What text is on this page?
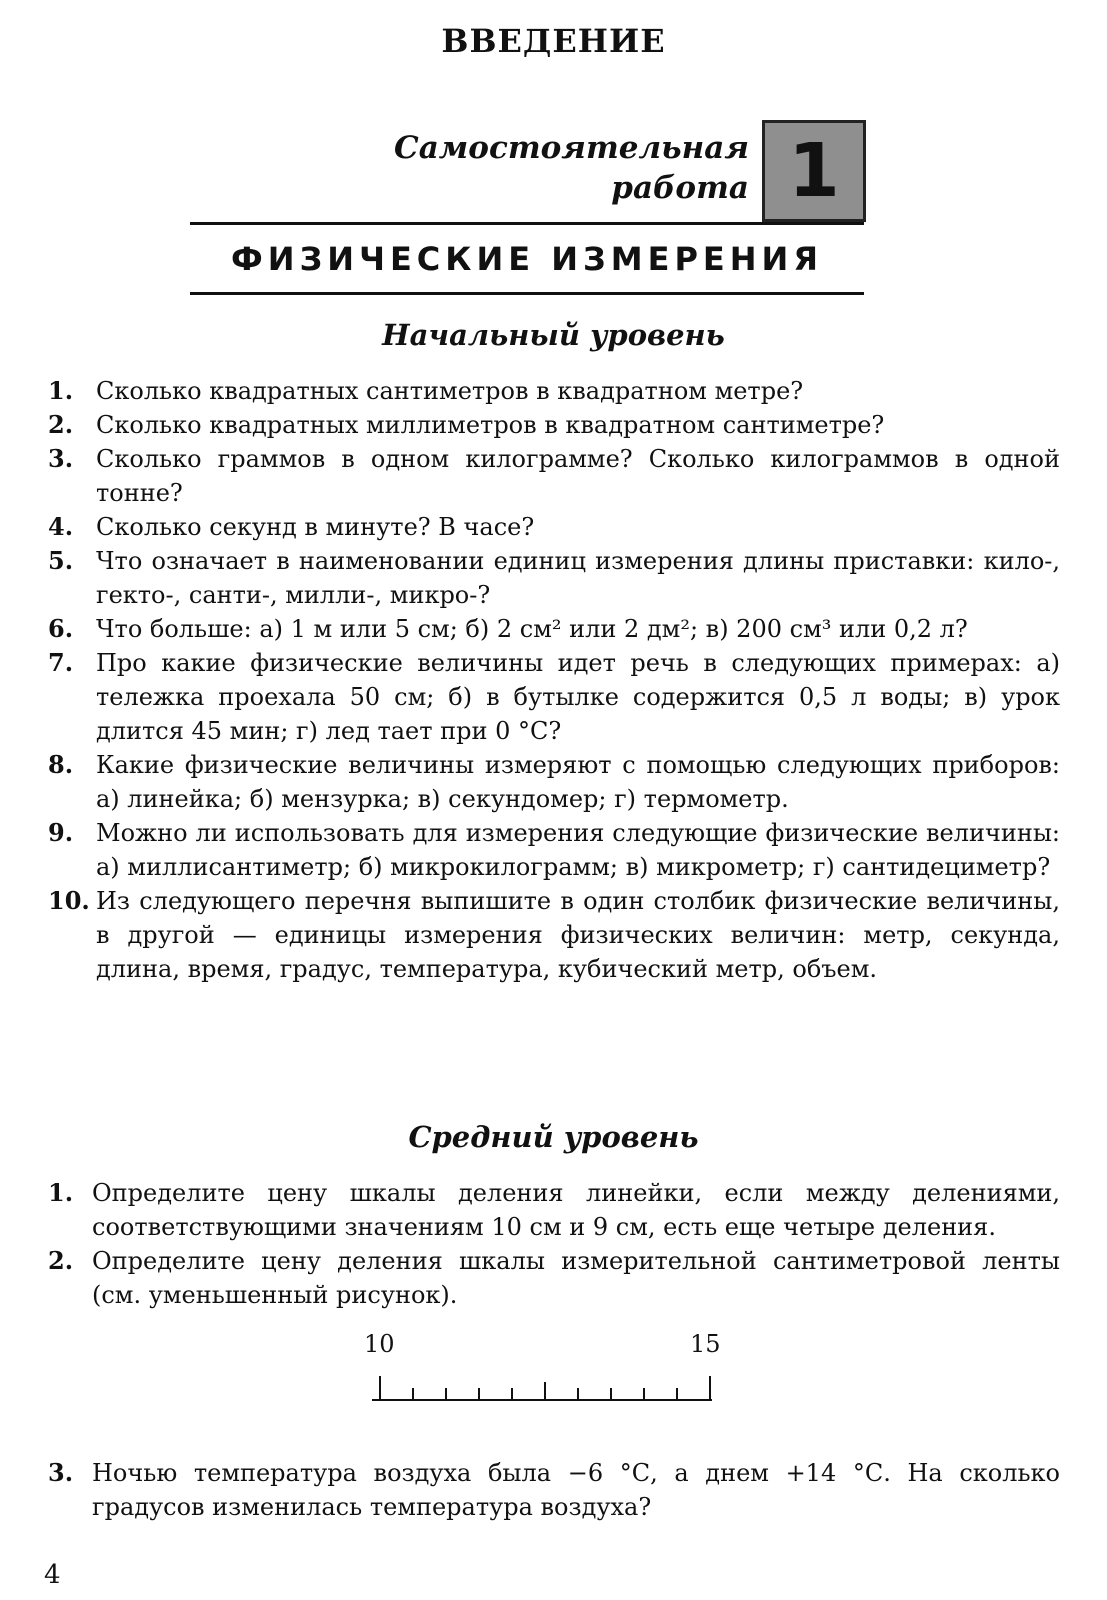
ВВЕДЕНИЕ
Самостоятельная
работа 1
ФИЗИЧЕСКИЕ ИЗМЕРЕНИЯ
Начальный уровень
1. Сколько квадратных сантиметров в квадратном метре?
2. Сколько квадратных миллиметров в квадратном сантиметре?
3. Сколько граммов в одном килограмме? Сколько килограммов в одной тонне?
4. Сколько секунд в минуте? В часе?
5. Что означает в наименовании единиц измерения длины приставки: кило-, гекто-, санти-, милли-, микро-?
6. Что больше: а) 1 м или 5 см; б) 2 см² или 2 дм²; в) 200 см³ или 0,2 л?
7. Про какие физические величины идет речь в следующих примерах: а) тележка проехала 50 см; б) в бутылке содержится 0,5 л воды; в) урок длится 45 мин; г) лед тает при 0 °С?
8. Какие физические величины измеряют с помощью следующих приборов: а) линейка; б) мензурка; в) секундомер; г) термометр.
9. Можно ли использовать для измерения следующие физические величины: а) миллисантиметр; б) микрокилограмм; в) микрометр; г) сантидециметр?
10. Из следующего перечня выпишите в один столбик физические величины, в другой — единицы измерения физических величин: метр, секунда, длина, время, градус, температура, кубический метр, объем.
Средний уровень
1. Определите цену шкалы деления линейки, если между делениями, соответствующими значениям 10 см и 9 см, есть еще четыре деления.
2. Определите цену деления шкалы измерительной сантиметровой ленты (см. уменьшенный рисунок).
10	15
3. Ночью температура воздуха была −6 °С, а днем +14 °С. На сколько градусов изменилась температура воздуха?
4
